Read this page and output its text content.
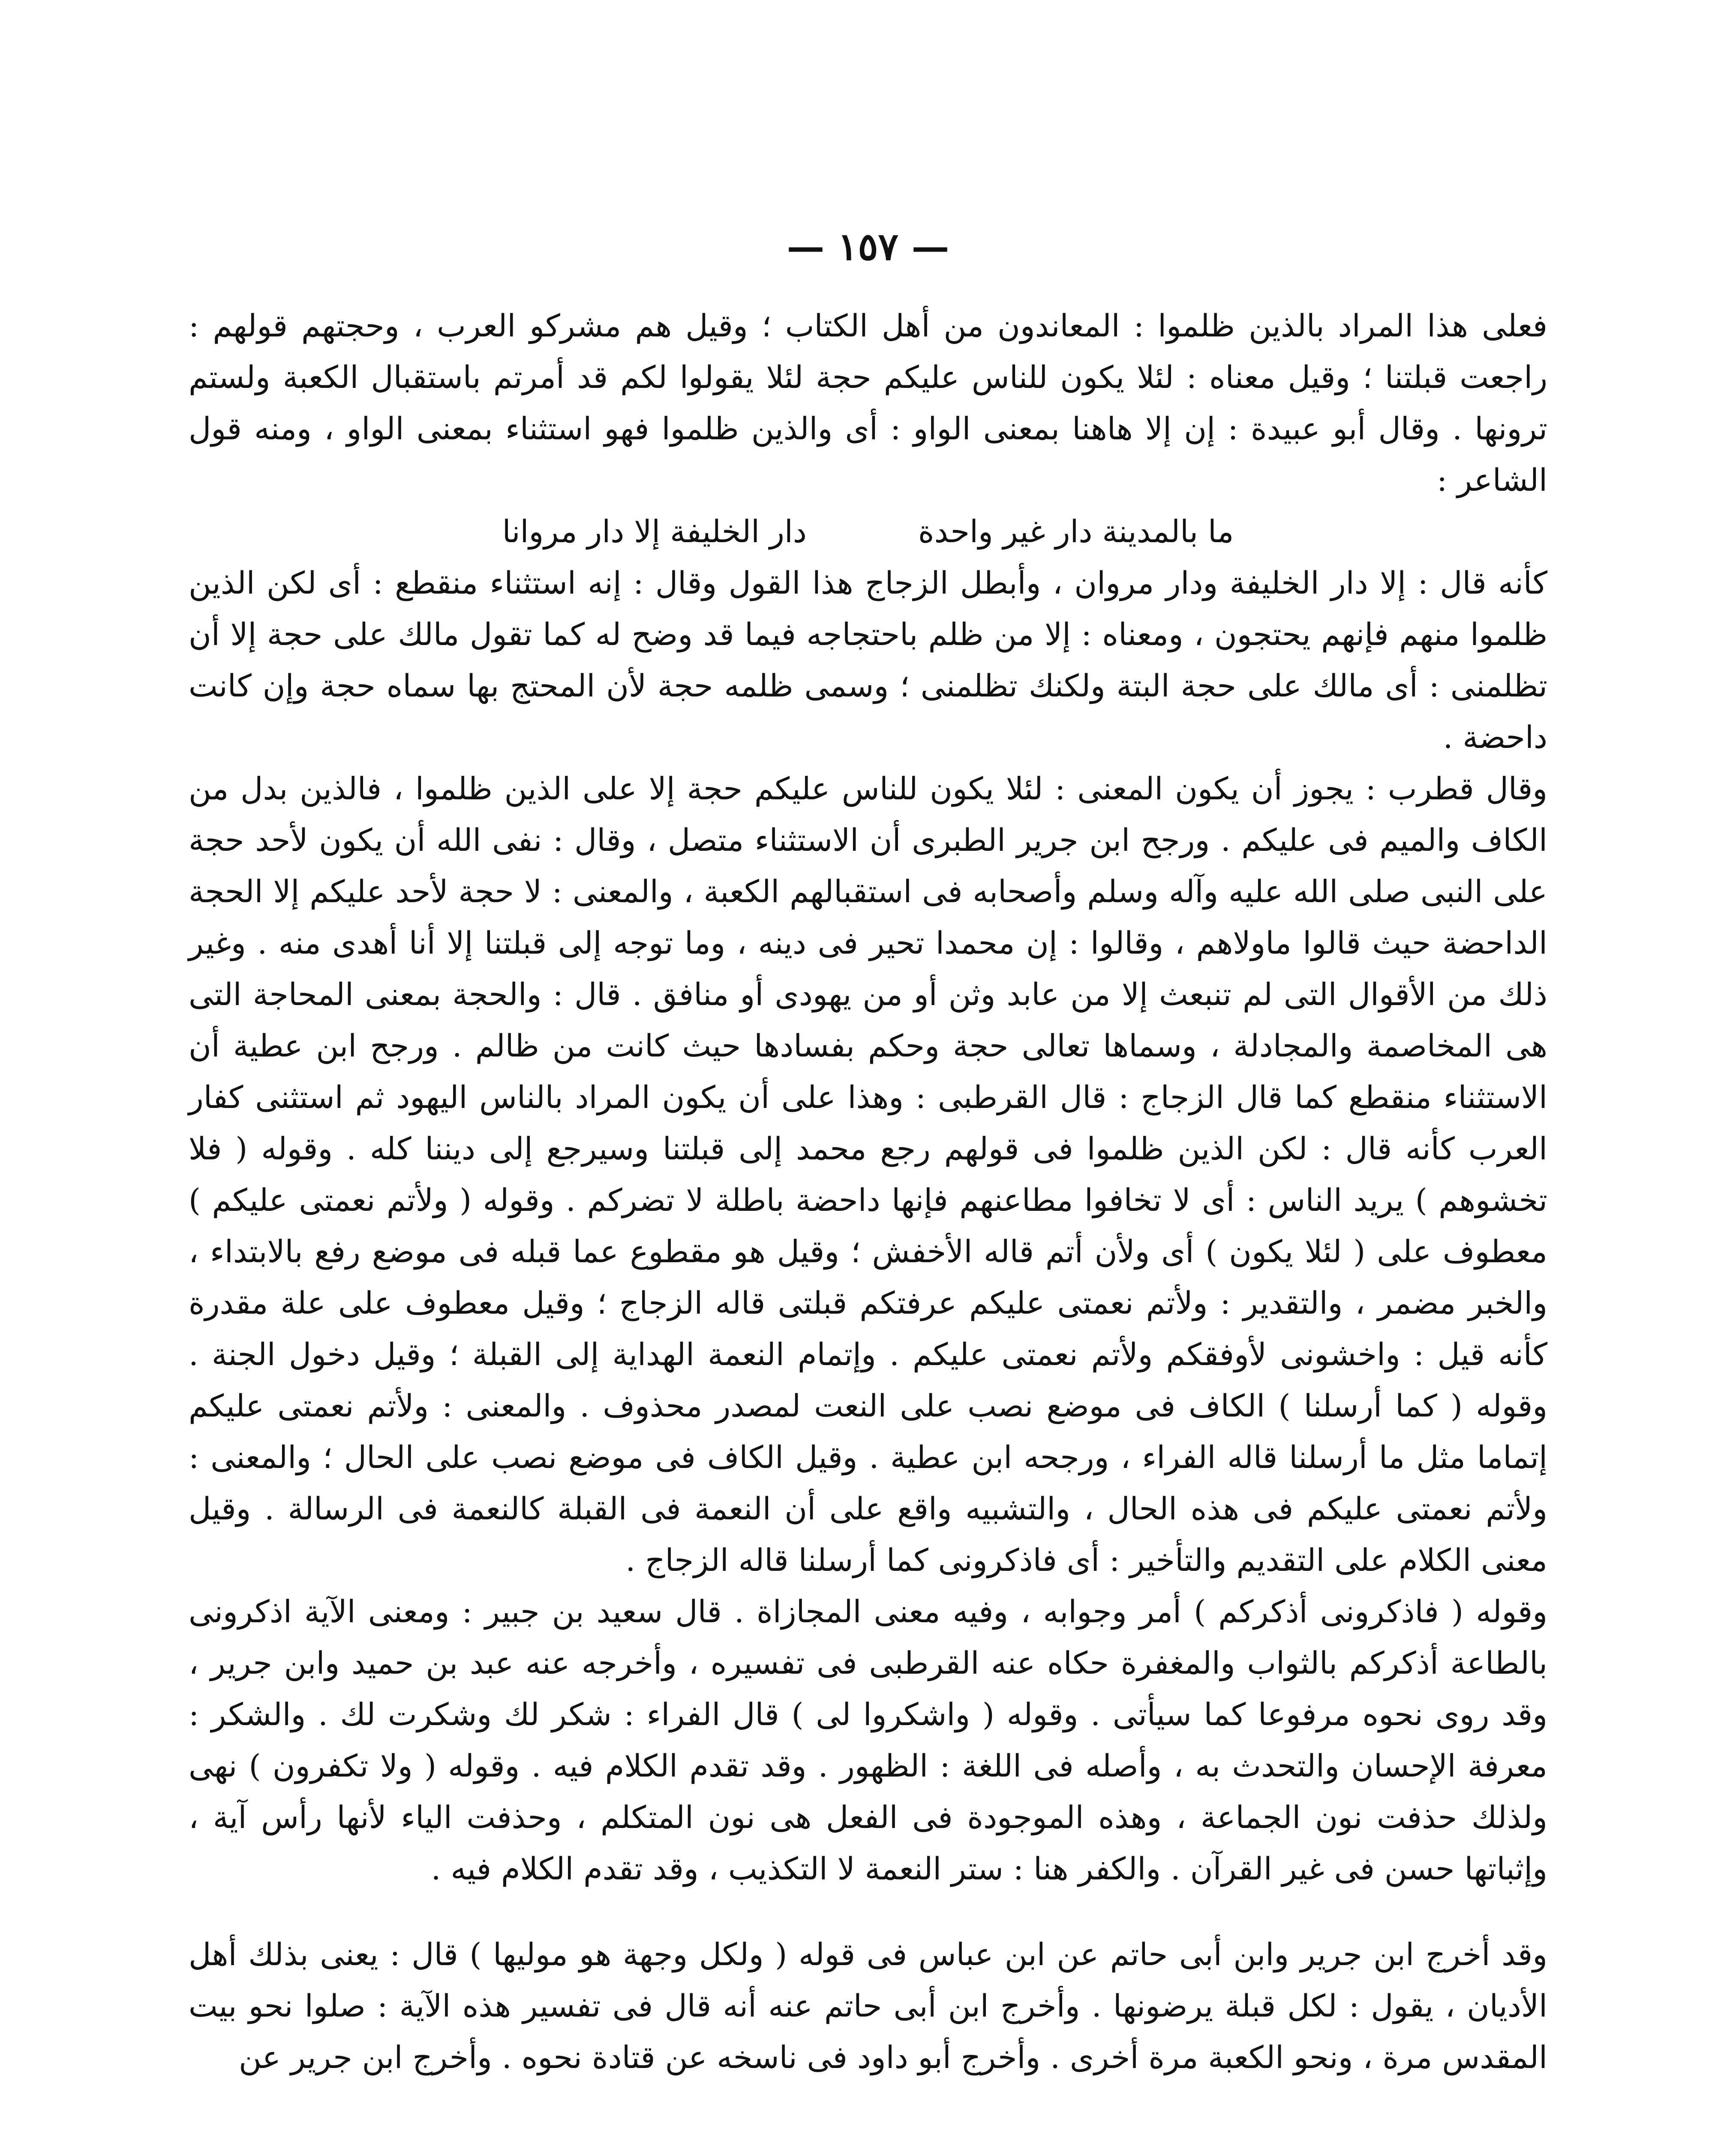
— ١٥٧ —

فعلى هذا المراد بالذين ظلموا : المعاندون من أهل الكتاب ؛ وقيل هم مشركو العرب ، وحجتهم قولهم : راجعت قبلتنا ؛ وقيل معناه : لئلا يكون للناس عليكم حجة لئلا يقولوا لكم قد أمرتم باستقبال الكعبة ولستم ترونها . وقال أبو عبيدة : إن إلا هاهنا بمعنى الواو : أى والذين ظلموا فهو استثناء بمعنى الواو ، ومنه قول الشاعر :

ما بالمدينة دار غير واحدةدار الخليفة إلا دار مروانا

كأنه قال : إلا دار الخليفة ودار مروان ، وأبطل الزجاج هذا القول وقال : إنه استثناء منقطع : أى لكن الذين ظلموا منهم فإنهم يحتجون ، ومعناه : إلا من ظلم باحتجاجه فيما قد وضح له كما تقول مالك على حجة إلا أن تظلمنى : أى مالك على حجة البتة ولكنك تظلمنى ؛ وسمى ظلمه حجة لأن المحتج بها سماه حجة وإن كانت داحضة .

وقال قطرب : يجوز أن يكون المعنى : لئلا يكون للناس عليكم حجة إلا على الذين ظلموا ، فالذين بدل من الكاف والميم فى عليكم . ورجح ابن جرير الطبرى أن الاستثناء متصل ، وقال : نفى الله أن يكون لأحد حجة على النبى صلى الله عليه وآله وسلم وأصحابه فى استقبالهم الكعبة ، والمعنى : لا حجة لأحد عليكم إلا الحجة الداحضة حيث قالوا ماولاهم ، وقالوا : إن محمدا تحير فى دينه ، وما توجه إلى قبلتنا إلا أنا أهدى منه . وغير ذلك من الأقوال التى لم تنبعث إلا من عابد وثن أو من يهودى أو منافق . قال : والحجة بمعنى المحاجة التى هى المخاصمة والمجادلة ، وسماها تعالى حجة وحكم بفسادها حيث كانت من ظالم . ورجح ابن عطية أن الاستثناء منقطع كما قال الزجاج : قال القرطبى : وهذا على أن يكون المراد بالناس اليهود ثم استثنى كفار العرب كأنه قال : لكن الذين ظلموا فى قولهم رجع محمد إلى قبلتنا وسيرجع إلى ديننا كله . وقوله ( فلا تخشوهم ) يريد الناس : أى لا تخافوا مطاعنهم فإنها داحضة باطلة لا تضركم . وقوله ( ولأتم نعمتى عليكم ) معطوف على ( لئلا يكون ) أى ولأن أتم قاله الأخفش ؛ وقيل هو مقطوع عما قبله فى موضع رفع بالابتداء ، والخبر مضمر ، والتقدير : ولأتم نعمتى عليكم عرفتكم قبلتى قاله الزجاج ؛ وقيل معطوف على علة مقدرة كأنه قيل : واخشونى لأوفقكم ولأتم نعمتى عليكم . وإتمام النعمة الهداية إلى القبلة ؛ وقيل دخول الجنة . وقوله ( كما أرسلنا ) الكاف فى موضع نصب على النعت لمصدر محذوف . والمعنى : ولأتم نعمتى عليكم إتماما مثل ما أرسلنا قاله الفراء ، ورجحه ابن عطية . وقيل الكاف فى موضع نصب على الحال ؛ والمعنى : ولأتم نعمتى عليكم فى هذه الحال ، والتشبيه واقع على أن النعمة فى القبلة كالنعمة فى الرسالة . وقيل معنى الكلام على التقديم والتأخير : أى فاذكرونى كما أرسلنا قاله الزجاج .

وقوله ( فاذكرونى أذكركم ) أمر وجوابه ، وفيه معنى المجازاة . قال سعيد بن جبير : ومعنى الآية اذكرونى بالطاعة أذكركم بالثواب والمغفرة حكاه عنه القرطبى فى تفسيره ، وأخرجه عنه عبد بن حميد وابن جرير ، وقد روى نحوه مرفوعا كما سيأتى . وقوله ( واشكروا لى ) قال الفراء : شكر لك وشكرت لك . والشكر : معرفة الإحسان والتحدث به ، وأصله فى اللغة : الظهور . وقد تقدم الكلام فيه . وقوله ( ولا تكفرون ) نهى ولذلك حذفت نون الجماعة ، وهذه الموجودة فى الفعل هى نون المتكلم ، وحذفت الياء لأنها رأس آية ، وإثباتها حسن فى غير القرآن . والكفر هنا : ستر النعمة لا التكذيب ، وقد تقدم الكلام فيه .

وقد أخرج ابن جرير وابن أبى حاتم عن ابن عباس فى قوله ( ولكل وجهة هو موليها ) قال : يعنى بذلك أهل الأديان ، يقول : لكل قبلة يرضونها . وأخرج ابن أبى حاتم عنه أنه قال فى تفسير هذه الآية : صلوا نحو بيت المقدس مرة ، ونحو الكعبة مرة أخرى . وأخرج أبو داود فى ناسخه عن قتادة نحوه . وأخرج ابن جرير عن
